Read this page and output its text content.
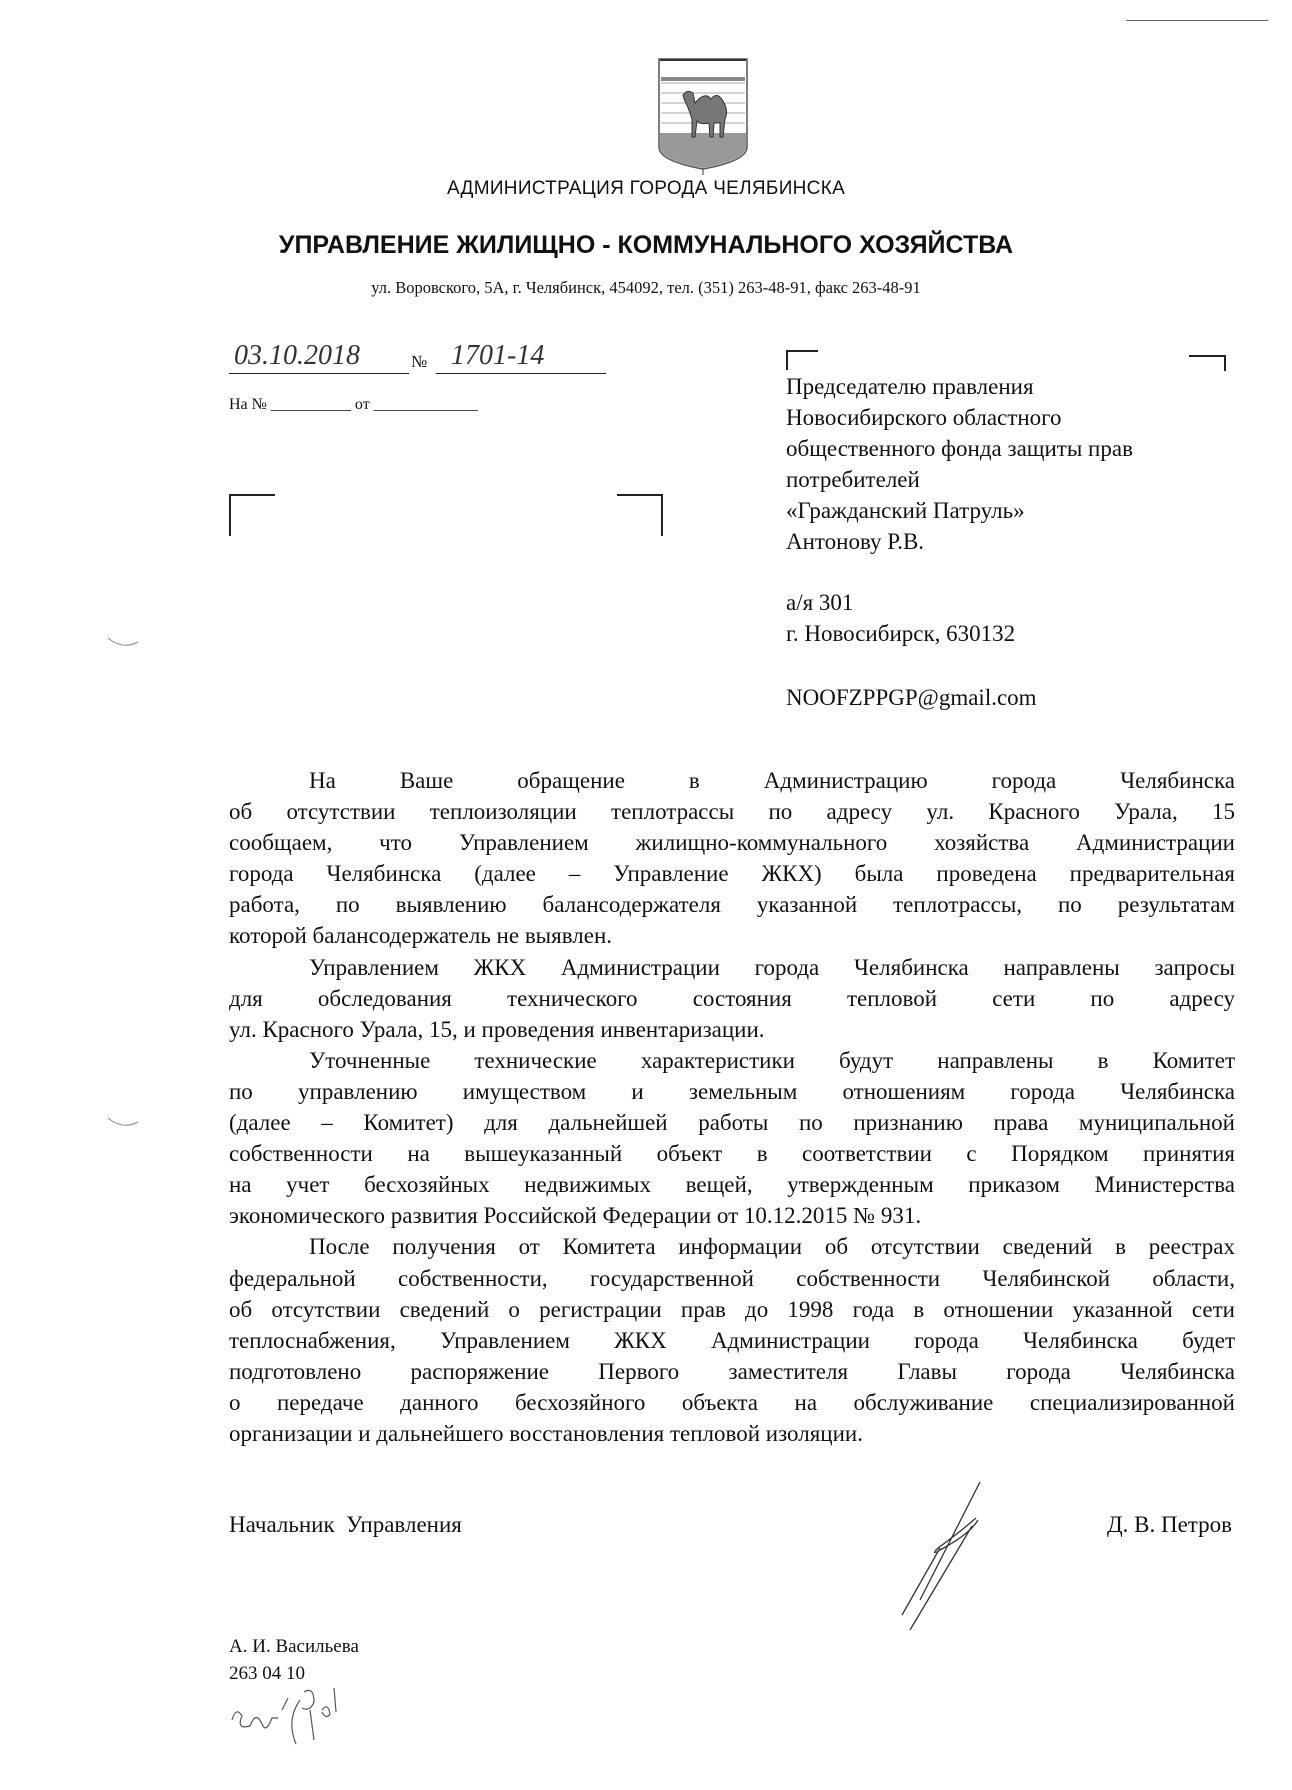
АДМИНИСТРАЦИЯ ГОРОДА ЧЕЛЯБИНСКА
УПРАВЛЕНИЕ ЖИЛИЩНО - КОММУНАЛЬНОГО ХОЗЯЙСТВА
ул. Воровского, 5А, г. Челябинск, 454092, тел. (351) 263-48-91, факс 263-48-91
03.10.2018	№ 1701-14
На № __________ от _____________
Председателю правления
Новосибирского областного
общественного фонда защиты прав
потребителей
«Гражданский Патруль»
Антонову Р.В.
а/я 301
г. Новосибирск, 630132
NOOFZPPGP@gmail.com
На Ваше обращение в Администрацию города Челябинска
об отсутствии теплоизоляции теплотрассы по адресу ул. Красного Урала, 15
сообщаем, что Управлением жилищно-коммунального хозяйства Администрации
города Челябинска (далее – Управление ЖКХ) была проведена предварительная
работа, по выявлению балансодержателя указанной теплотрассы, по результатам
которой балансодержатель не выявлен.
Управлением ЖКХ Администрации города Челябинска направлены запросы
для обследования технического состояния тепловой сети по адресу
ул. Красного Урала, 15, и проведения инвентаризации.
Уточненные технические характеристики будут направлены в Комитет
по управлению имуществом и земельным отношениям города Челябинска
(далее – Комитет) для дальнейшей работы по признанию права муниципальной
собственности на вышеуказанный объект в соответствии с Порядком принятия
на учет бесхозяйных недвижимых вещей, утвержденным приказом Министерства
экономического развития Российской Федерации от 10.12.2015 № 931.
После получения от Комитета информации об отсутствии сведений в реестрах
федеральной собственности, государственной собственности Челябинской области,
об отсутствии сведений о регистрации прав до 1998 года в отношении указанной сети
теплоснабжения, Управлением ЖКХ Администрации города Челябинска будет
подготовлено распоряжение Первого заместителя Главы города Челябинска
о передаче данного бесхозяйного объекта на обслуживание специализированной
организации и дальнейшего восстановления тепловой изоляции.
Начальник  Управления	Д. В. Петров
А. И. Васильева
263 04 10
